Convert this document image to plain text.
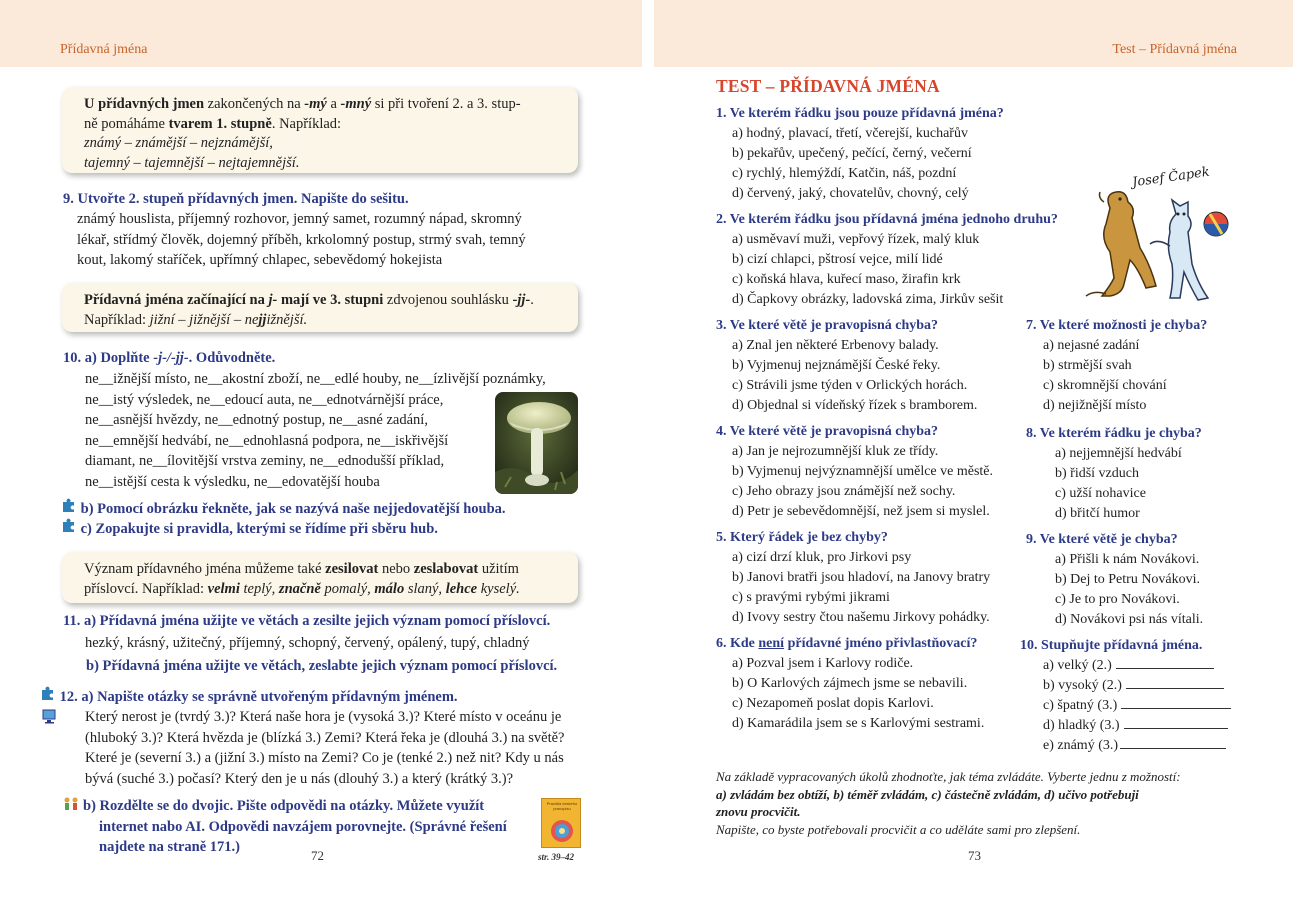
Přídavná jména
U přídavných jmen zakončených na -mý a -mný si při tvoření 2. a 3. stup-
ně pomáháme tvarem 1. stupně. Například:
známý – známější – nejznámější,
tajemný – tajemnější – nejtajemnější.
9. Utvořte 2. stupeň přídavných jmen. Napište do sešitu.
známý houslista, příjemný rozhovor, jemný samet, rozumný nápad, skromný
lékař, střídmý člověk, dojemný příběh, krkolomný postup, strmý svah, temný
kout, lakomý staříček, upřímný chlapec, sebevědomý hokejista
Přídavná jména začínající na j- mají ve 3. stupni zdvojenou souhlásku -jj-.
Například: jižní – jižnější – nejjižnější.
10. a) Doplňte -j-/-jj-. Odůvodněte.
ne__ižnější místo, ne__akostní zboží, ne__edlé houby, ne__ízlivější poznámky,
ne__istý výsledek, ne__edoucí auta, ne__ednotvárnější práce,
ne__asnější hvězdy, ne__ednotný postup, ne__asné zadání,
ne__emnější hedvábí, ne__ednohlasná podpora, ne__iskřivější
diamant, ne__ílovitější vrstva zeminy, ne__ednodušší příklad,
ne__istější cesta k výsledku, ne__edovatější houba
b) Pomocí obrázku řekněte, jak se nazývá naše nejjedovatější houba.
c) Zopakujte si pravidla, kterými se řídíme při sběru hub.
Význam přídavného jména můžeme také zesilovat nebo zeslabovat užitím
příslovcí. Například: velmi teplý, značně pomalý, málo slaný, lehce kyselý.
11. a) Přídavná jména užijte ve větách a zesilte jejich význam pomocí příslovcí.
hezký, krásný, užitečný, příjemný, schopný, červený, opálený, tupý, chladný
b) Přídavná jména užijte ve větách, zeslabte jejich význam pomocí příslovcí.
12. a) Napište otázky se správně utvořeným přídavným jménem.
Který nerost je (tvrdý 3.)? Která naše hora je (vysoká 3.)? Které místo v oceánu je
(hluboký 3.)? Která hvězda je (blízká 3.) Zemi? Která řeka je (dlouhá 3.) na světě?
Které je (severní 3.) a (jižní 3.) místo na Zemi? Co je (tenké 2.) než nit? Kdy u nás
bývá (suché 3.) počasí? Který den je u nás (dlouhý 3.) a který (krátký 3.)?
b) Rozdělte se do dvojic. Pište odpovědi na otázky. Můžete využít
internet nabo AI. Odpovědi navzájem porovnejte. (Správné řešení
najdete na straně 171.)
Pravidla českého pravopisu
str. 39–42
72
Test – Přídavná jména
TEST – PŘÍDAVNÁ JMÉNA
1. Ve kterém řádku jsou pouze přídavná jména?
a) hodný, plavací, třetí, včerejší, kuchařův
b) pekařův, upečený, pečící, černý, večerní
c) rychlý, hlemýždí, Katčin, náš, pozdní
d) červený, jaký, chovatelův, chovný, celý
Josef Čapek
2. Ve kterém řádku jsou přídavná jména jednoho druhu?
a) usměvaví muži, vepřový řízek, malý kluk
b) cizí chlapci, pštrosí vejce, milí lidé
c) koňská hlava, kuřecí maso, žirafin krk
d) Čapkovy obrázky, ladovská zima, Jirkův sešit
3. Ve které větě je pravopisná chyba?
a) Znal jen některé Erbenovy balady.
b) Vyjmenuj nejznámější České řeky.
c) Strávili jsme týden v Orlických horách.
d) Objednal si vídeňský řízek s bramborem.
7. Ve které možnosti je chyba?
a) nejasné zadání
b) strmější svah
c) skromnější chování
d) nejižnější místo
4. Ve které větě je pravopisná chyba?
a) Jan je nejrozumnější kluk ze třídy.
b) Vyjmenuj nejvýznamnější umělce ve městě.
c) Jeho obrazy jsou známější než sochy.
d) Petr je sebevědomnější, než jsem si myslel.
8. Ve kterém řádku je chyba?
a) nejjemnější hedvábí
b) řidší vzduch
c) užší nohavice
d) břitčí humor
5. Který řádek je bez chyby?
a) cizí drzí kluk, pro Jirkovi psy
b) Janovi bratři jsou hladoví, na Janovy bratry
c) s pravými rybými jikrami
d) Ivovy sestry čtou našemu Jirkovy pohádky.
9. Ve které větě je chyba?
a) Přišli k nám Novákovi.
b) Dej to Petru Novákovi.
c) Je to pro Novákovi.
d) Novákovi psi nás vítali.
6. Kde není přídavné jméno přivlastňovací?
a) Pozval jsem i Karlovy rodiče.
b) O Karlových zájmech jsme se nebavili.
c) Nezapomeň poslat dopis Karlovi.
d) Kamarádila jsem se s Karlovými sestrami.
10. Stupňujte přídavná jména.
a) velký (2.)
b) vysoký (2.)
c) špatný (3.)
d) hladký (3.)
e) známý (3.)
Na základě vypracovaných úkolů zhodnoťte, jak téma zvládáte. Vyberte jednu z možností:
a) zvládám bez obtíží, b) téměř zvládám, c) částečně zvládám, d) učivo potřebuji
znovu procvičit.
Napište, co byste potřebovali procvičit a co uděláte sami pro zlepšení.
73
